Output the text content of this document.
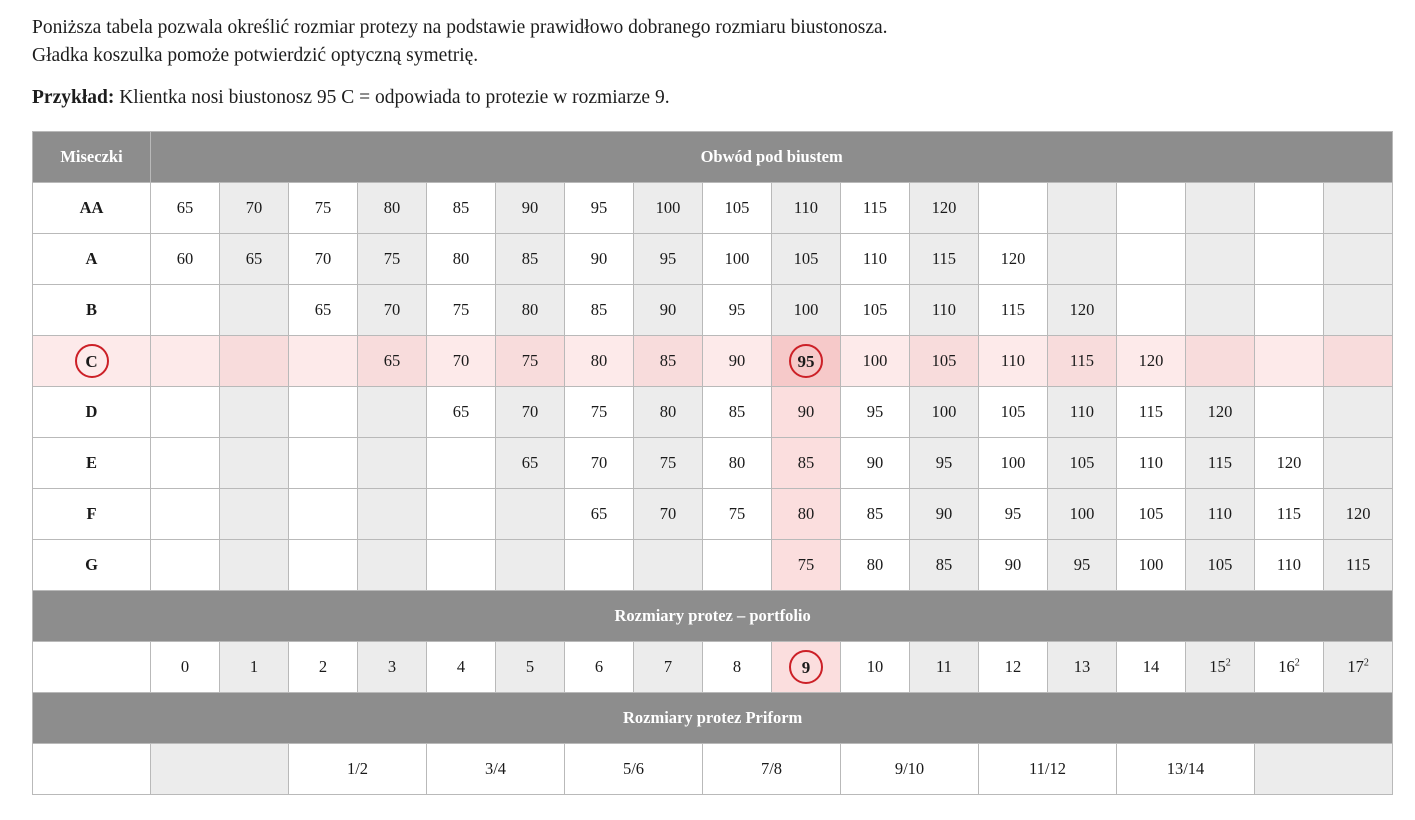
Poniższa tabela pozwala określić rozmiar protezy na podstawie prawidłowo dobranego rozmiaru biustonosza.

Gładka koszulka pomoże potwierdzić optyczną symetrię.

Przykład: Klientka nosi biustonosz 95 C = odpowiada to protezie w rozmiarze 9.
Miseczki	Obwód pod biustem																	
AA	65	70	75	80	85	90	95	100	105	110	115	120						
A	60	65	70	75	80	85	90	95	100	105	110	115	120					
B			65	70	75	80	85	90	95	100	105	110	115	120				
C				65	70	75	80	85	90	95	100	105	110	115	120			
D					65	70	75	80	85	90	95	100	105	110	115	120		
E						65	70	75	80	85	90	95	100	105	110	115	120	
F							65	70	75	80	85	90	95	100	105	110	115	120
G										75	80	85	90	95	100	105	110	115
Rozmiary protez – portfolio																		
	0	1	2	3	4	5	6	7	8	9	10	11	12	13	14	$15^2$	$16^2$	$17^2$
Rozmiary protez Priform																		
			1/2		3/4		5/6		7/8		9/10		11/12		13/14			
